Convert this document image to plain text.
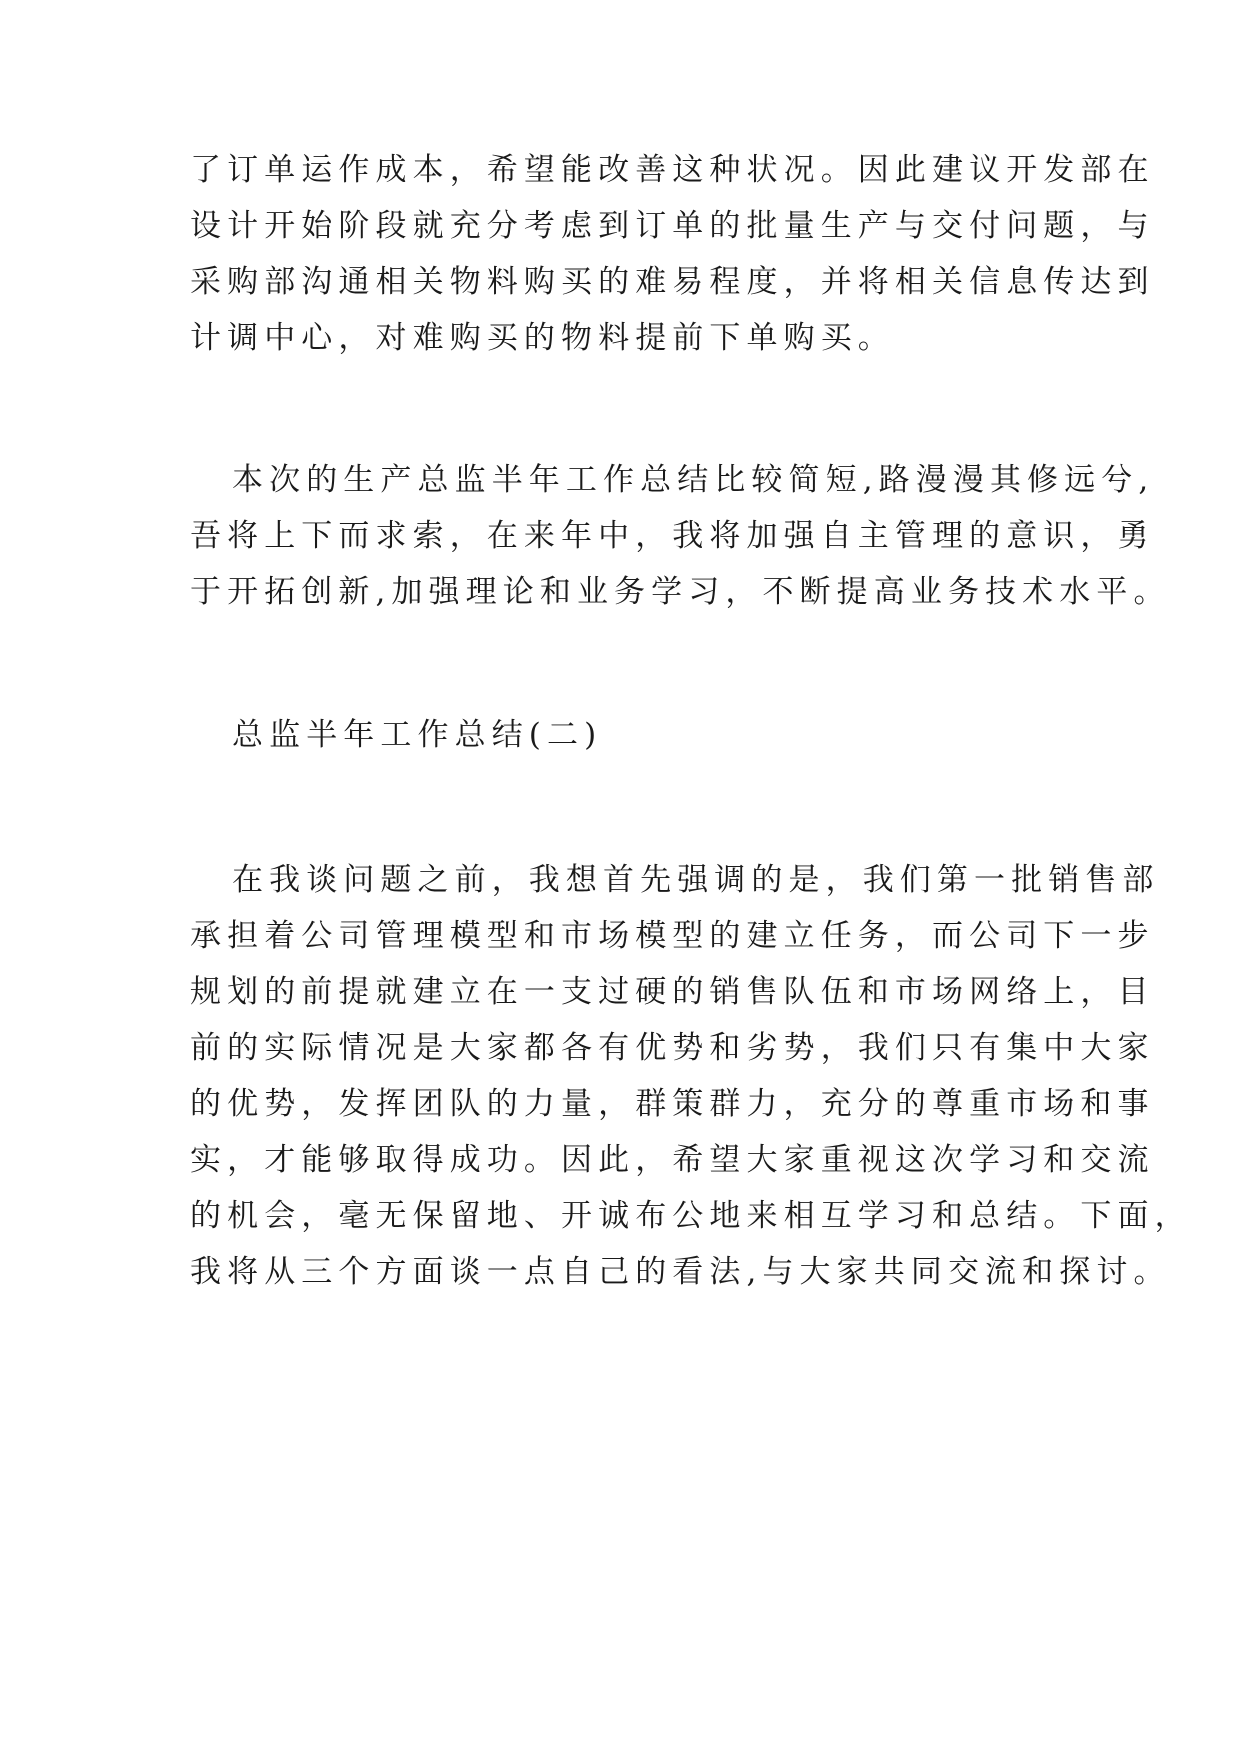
了订单运作成本，希望能改善这种状况。因此建议开发部在
设计开始阶段就充分考虑到订单的批量生产与交付问题，与
采购部沟通相关物料购买的难易程度，并将相关信息传达到
计调中心，对难购买的物料提前下单购买。
本次的生产总监半年工作总结比较简短,路漫漫其修远兮,
吾将上下而求索，在来年中，我将加强自主管理的意识，勇
于开拓创新,加强理论和业务学习，不断提高业务技术水平。
总监半年工作总结(二)
在我谈问题之前，我想首先强调的是，我们第一批销售部
承担着公司管理模型和市场模型的建立任务，而公司下一步
规划的前提就建立在一支过硬的销售队伍和市场网络上，目
前的实际情况是大家都各有优势和劣势，我们只有集中大家
的优势，发挥团队的力量，群策群力，充分的尊重市场和事
实，才能够取得成功。因此，希望大家重视这次学习和交流
的机会，毫无保留地、开诚布公地来相互学习和总结。下面，
我将从三个方面谈一点自己的看法,与大家共同交流和探讨。
